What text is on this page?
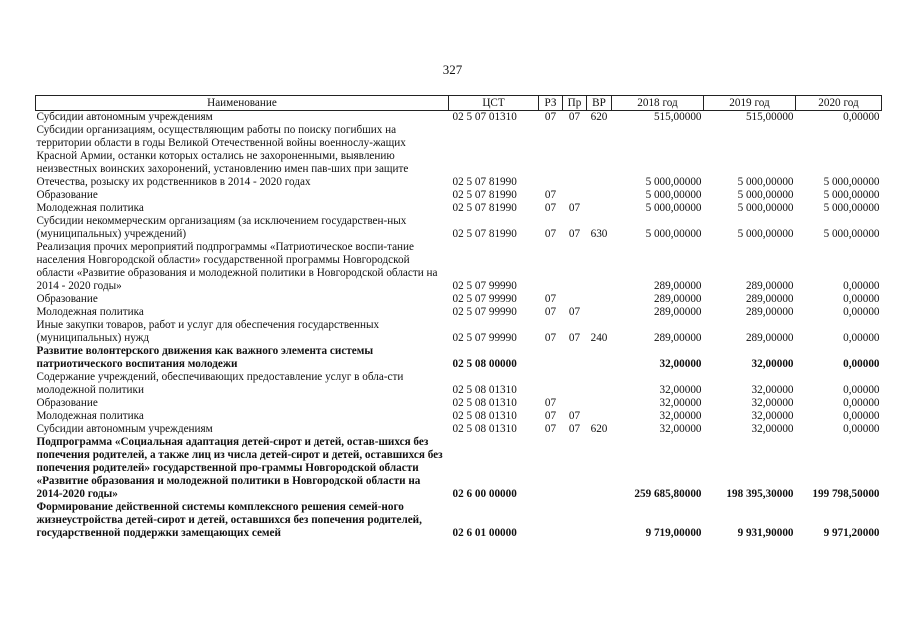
327
Наименование	ЦСТ	РЗ	Пр	ВР	2018 год	2019 год	2020 год
Субсидии автономным учреждениям	02 5 07 01310	07	07	620	515,00000	515,00000	0,00000
Субсидии организациям, осуществляющим работы по поиску погибших на территории области в годы Великой Отечественной войны военнослу-жащих Красной Армии, останки которых остались не захороненными, выявлению неизвестных воинских захоронений, установлению имен пав-ших при защите Отечества, розыску их родственников в 2014 - 2020 годах	02 5 07 81990				5 000,00000	5 000,00000	5 000,00000
Образование	02 5 07 81990	07			5 000,00000	5 000,00000	5 000,00000
Молодежная политика	02 5 07 81990	07	07		5 000,00000	5 000,00000	5 000,00000
Субсидии некоммерческим организациям (за исключением государствен-ных (муниципальных) учреждений)	02 5 07 81990	07	07	630	5 000,00000	5 000,00000	5 000,00000
Реализация прочих мероприятий подпрограммы «Патриотическое воспи-тание населения Новгородской области» государственной программы Новгородской области «Развитие образования и молодежной политики в Новгородской области на 2014 - 2020 годы»	02 5 07 99990				289,00000	289,00000	0,00000
Образование	02 5 07 99990	07			289,00000	289,00000	0,00000
Молодежная политика	02 5 07 99990	07	07		289,00000	289,00000	0,00000
Иные закупки товаров, работ и услуг для обеспечения государственных (муниципальных) нужд	02 5 07 99990	07	07	240	289,00000	289,00000	0,00000
Развитие волонтерского движения как важного элемента системы патриотического воспитания молодежи	02 5 08 00000				32,00000	32,00000	0,00000
Содержание учреждений, обеспечивающих предоставление услуг в обла-сти молодежной политики	02 5 08 01310				32,00000	32,00000	0,00000
Образование	02 5 08 01310	07			32,00000	32,00000	0,00000
Молодежная политика	02 5 08 01310	07	07		32,00000	32,00000	0,00000
Субсидии автономным учреждениям	02 5 08 01310	07	07	620	32,00000	32,00000	0,00000
Подпрограмма «Социальная адаптация детей-сирот и детей, остав-шихся без попечения родителей, а также лиц из числа детей-сирот и детей, оставшихся без попечения родителей» государственной про-граммы Новгородской области «Развитие образования и молодежной политики в Новгородской области на 2014-2020 годы»	02 6 00 00000				259 685,80000	198 395,30000	199 798,50000
Формирование действенной системы комплексного решения семей-ного жизнеустройства детей-сирот и детей, оставшихся без попечения родителей, государственной поддержки замещающих семей	02 6 01 00000				9 719,00000	9 931,90000	9 971,20000
